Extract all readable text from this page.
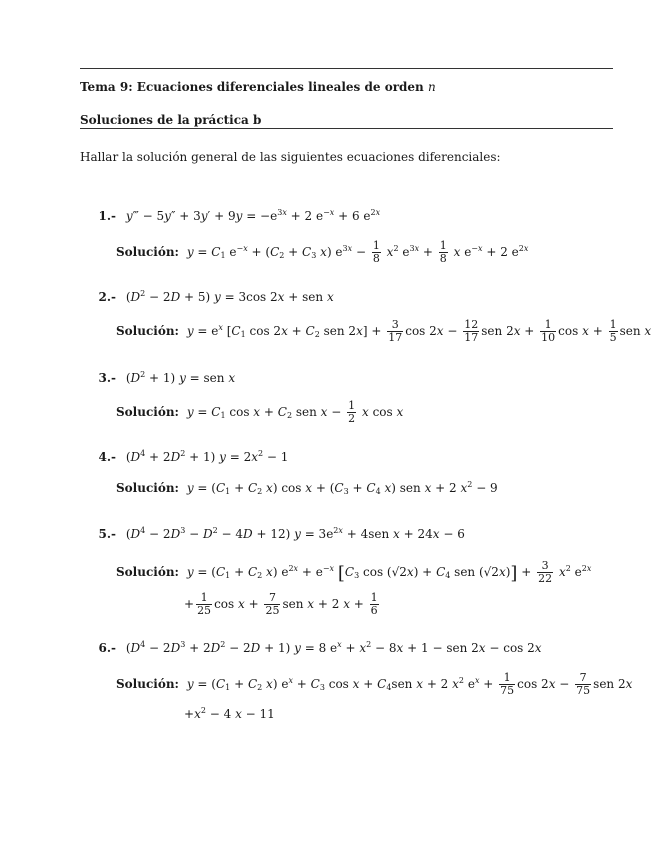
Tema 9: Ecuaciones diferenciales lineales de orden n
Soluciones de la práctica b
Hallar la solución general de las siguientes ecuaciones diferenciales:
1.- y‴ − $5y'' + 3y' + 9y = -e^{3x} + 2$ $e^{-x} + 6$ $e^{2x}$
Solución: $y = C_1$ $e^{-x} + (C_2 + C_3$ x) $e^{3x} - \frac{1}{8} x^2$ $e^{3x} + \frac{1}{8}$ x $e^{-x} + 2$ $e^{2x}$
2.- $(D^2 - 2D + 5) y = 3\cos$ 2x + sen x
Solución: $y = e^x$ [$C_1$ $\cos 2x + C_2$ sen $2x] + \frac{3}{17}$ $\cos 2x - \frac{12}{17}$ sen $2x + \frac{1}{10}$ $\cos x + \frac{1}{5}$ sen x
3.- $(D^2 + 1) y$ = sen x
Solución: $y = C_1$ $\cos x + C_2$ sen $x - \frac{1}{2}$ x cos x
4.- $(D^4 + 2D^2 + 1) y = 2x^2 - 1$
Solución: $y = (C_1 + C_2$ x) $\cos x + (C_3 + C_4$ x) sen x + 2 $x^2 - 9$
5.- $(D^4 - 2D^3 - D^2 - 4D + 12) y = 3e^{2x} + 4sen$ x + 24x − 6
Solución: $y = (C_1 + C_2$ x) $e^{2x} + e^{-x}$ [$C_3$ $\cos (√2x) + C_4$ sen $(√2x)] + \frac{3}{22} x^2$ $e^{2x}$
+ $\frac{1}{25}$ $\cos x + \frac{7}{25}$ sen x + 2 $x + \frac{1}{6}$
6.- $(D^4 - 2D^3 + 2D^2 - 2D + 1) y = 8$ $e^x + x^2 - 8x + 1$ − sen 2x − cos 2x
Solución: $y = (C_1 + C_2$ x) $e^x + C_3$ $\cos x + C_4sen$ x + 2 $x^2$ $e^x + \frac{1}{75}$ $\cos 2x - \frac{7}{75}$ sen 2x
$+x^2 - 4$ x − 11
